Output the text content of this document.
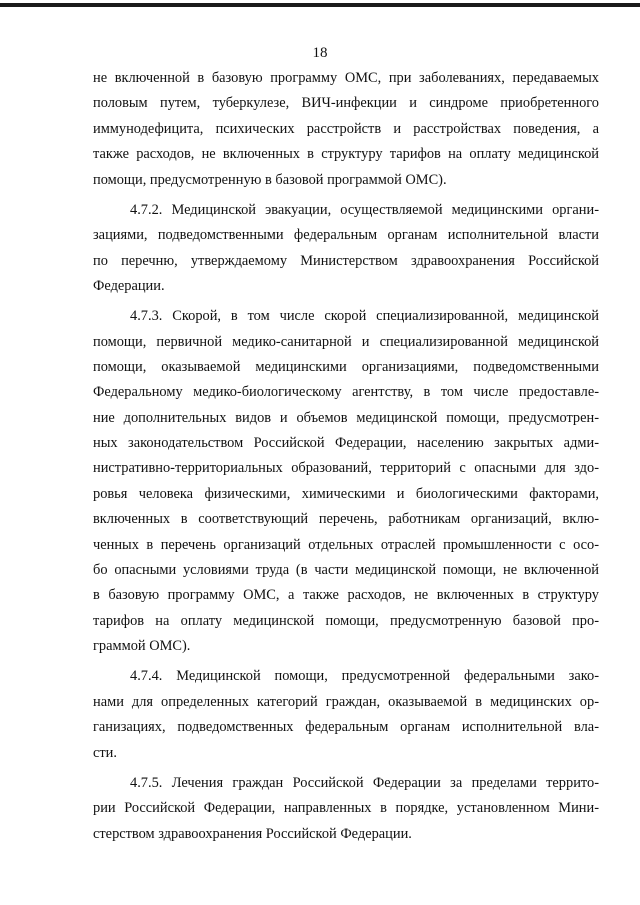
18
не включенной в базовую программу ОМС, при заболеваниях, передаваемых
половым путем, туберкулезе, ВИЧ-инфекции и синдроме приобретенного
иммунодефицита, психических расстройств и расстройствах поведения, а
также расходов, не включенных в структуру тарифов на оплату медицинской
помощи, предусмотренную в базовой программой ОМС).
4.7.2. Медицинской эвакуации, осуществляемой медицинскими органи-
зациями, подведомственными федеральным органам исполнительной власти
по перечню, утверждаемому Министерством здравоохранения Российской
Федерации.
4.7.3. Скорой, в том числе скорой специализированной, медицинской
помощи, первичной медико-санитарной и специализированной медицинской
помощи, оказываемой медицинскими организациями, подведомственными
Федеральному медико-биологическому агентству, в том числе предоставле-
ние дополнительных видов и объемов медицинской помощи, предусмотрен-
ных законодательством Российской Федерации, населению закрытых адми-
нистративно-территориальных образований, территорий с опасными для здо-
ровья человека физическими, химическими и биологическими факторами,
включенных в соответствующий перечень, работникам организаций, вклю-
ченных в перечень организаций отдельных отраслей промышленности с осо-
бо опасными условиями труда (в части медицинской помощи, не включенной
в базовую программу ОМС, а также расходов, не включенных в структуру
тарифов на оплату медицинской помощи, предусмотренную базовой про-
граммой ОМС).
4.7.4. Медицинской помощи, предусмотренной федеральными зако-
нами для определенных категорий граждан, оказываемой в медицинских ор-
ганизациях, подведомственных федеральным органам исполнительной вла-
сти.
4.7.5. Лечения граждан Российской Федерации за пределами террито-
рии Российской Федерации, направленных в порядке, установленном Мини-
стерством здравоохранения Российской Федерации.
